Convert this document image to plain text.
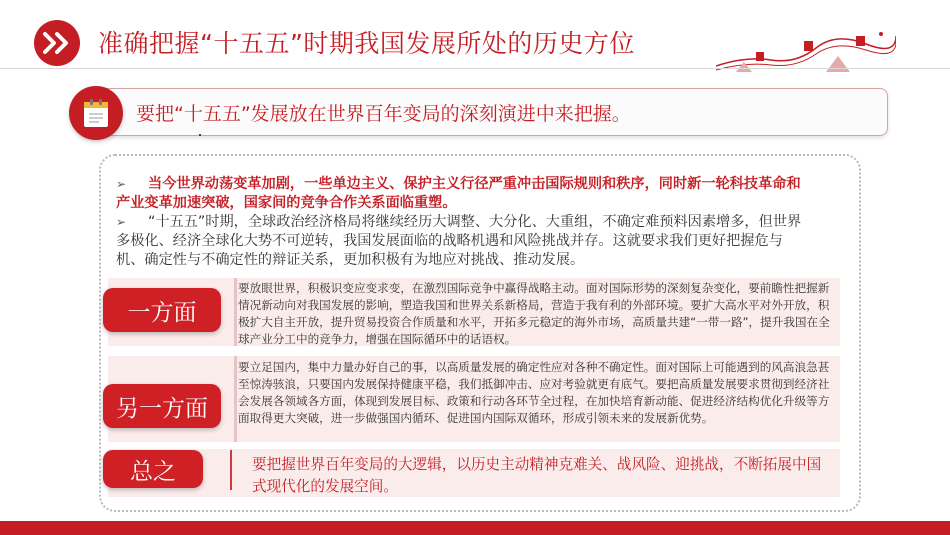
准确把握“十五五”时期我国发展所处的历史方位
要把“十五五”发展放在世界百年变局的深刻演进中来把握。
➢	当今世界动荡变革加剧，一些单边主义、保护主义行径严重冲击国际规则和秩序，同时新一轮科技革命和产业变革加速突破，国家间的竞争合作关系面临重塑。
➢	“十五五”时期，全球政治经济格局将继续经历大调整、大分化、大重组，不确定难预料因素增多，但世界多极化、经济全球化大势不可逆转，我国发展面临的战略机遇和风险挑战并存。这就要求我们更好把握危与机、确定性与不确定性的辩证关系，更加积极有为地应对挑战、推动发展。
一方面
另一方面
总之
要放眼世界，积极识变应变求变，在激烈国际竞争中赢得战略主动。面对国际形势的深刻复杂变化，要前瞻性把握新情况新动向对我国发展的影响，塑造我国和世界关系新格局，营造于我有利的外部环境。要扩大高水平对外开放，积极扩大自主开放，提升贸易投资合作质量和水平，开拓多元稳定的海外市场，高质量共建“一带一路”，提升我国在全球产业分工中的竞争力，增强在国际循环中的话语权。
要立足国内，集中力量办好自己的事，以高质量发展的确定性应对各种不确定性。面对国际上可能遇到的风高浪急甚至惊涛骇浪，只要国内发展保持健康平稳，我们抵御冲击、应对考验就更有底气。要把高质量发展要求贯彻到经济社会发展各领域各方面，体现到发展目标、政策和行动各环节全过程，在加快培育新动能、促进经济结构优化升级等方面取得更大突破，进一步做强国内循环、促进国内国际双循环，形成引领未来的发展新优势。
要把握世界百年变局的大逻辑，以历史主动精神克难关、战风险、迎挑战，不断拓展中国式现代化的发展空间。
